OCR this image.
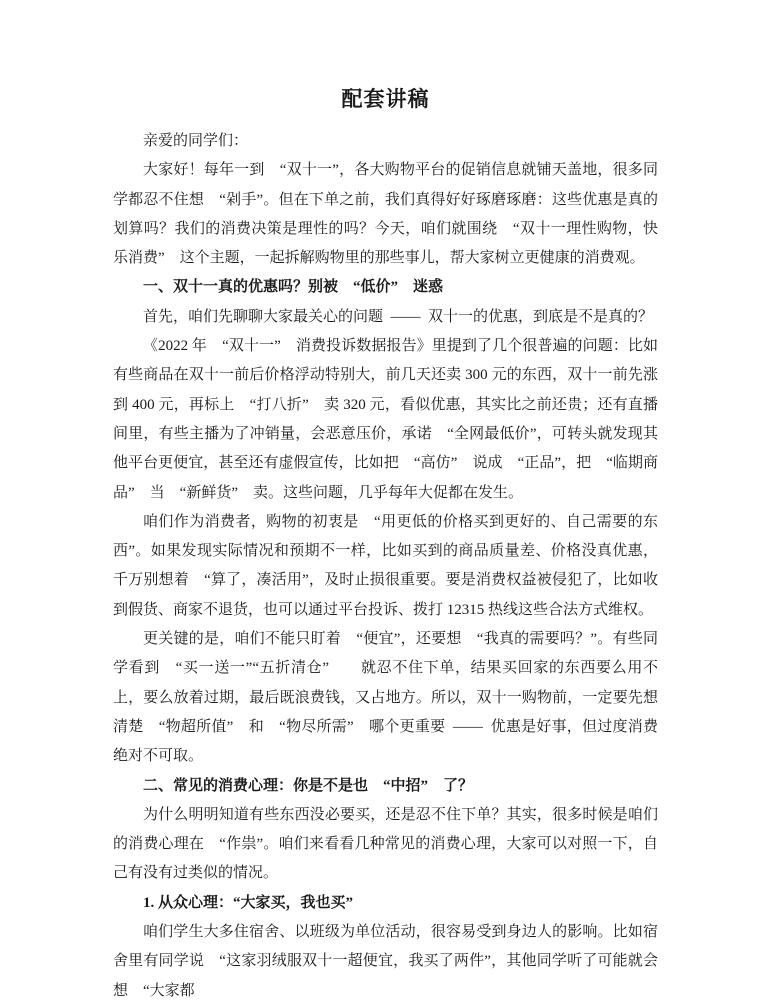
配套讲稿

亲爱的同学们：

大家好！每年一到　“双十一”，各大购物平台的促销信息就铺天盖地，很多同学都忍不住想　“剁手”。但在下单之前，我们真得好好琢磨琢磨：这些优惠是真的划算吗？我们的消费决策是理性的吗？今天，咱们就围绕　“双十一理性购物，快乐消费”　这个主题，一起拆解购物里的那些事儿，帮大家树立更健康的消费观。

一、双十一真的优惠吗？别被　“低价”　迷惑

首先，咱们先聊聊大家最关心的问题 —— 双十一的优惠，到底是不是真的？

《2022 年　“双十一”　消费投诉数据报告》里提到了几个很普遍的问题：比如有些商品在双十一前后价格浮动特别大，前几天还卖 300 元的东西，双十一前先涨到 400 元，再标上　“打八折”　卖 320 元，看似优惠，其实比之前还贵；还有直播间里，有些主播为了冲销量，会恶意压价，承诺　“全网最低价”，可转头就发现其他平台更便宜，甚至还有虚假宣传，比如把　“高仿”　说成　“正品”，把　“临期商品”　当　“新鲜货”　卖。这些问题，几乎每年大促都在发生。

咱们作为消费者，购物的初衷是　“用更低的价格买到更好的、自己需要的东西”。如果发现实际情况和预期不一样，比如买到的商品质量差、价格没真优惠，千万别想着　“算了，凑活用”，及时止损很重要。要是消费权益被侵犯了，比如收到假货、商家不退货，也可以通过平台投诉、拨打 12315 热线这些合法方式维权。

更关键的是，咱们不能只盯着　“便宜”，还要想　“我真的需要吗？”。有些同学看到　“买一送一”“五折清仓”　　就忍不住下单，结果买回家的东西要么用不上，要么放着过期，最后既浪费钱，又占地方。所以，双十一购物前，一定要先想清楚　“物超所值”　和　“物尽所需”　哪个更重要 —— 优惠是好事，但过度消费绝对不可取。

二、常见的消费心理：你是不是也　“中招”　了？

为什么明明知道有些东西没必要买，还是忍不住下单？其实，很多时候是咱们的消费心理在　“作祟”。咱们来看看几种常见的消费心理，大家可以对照一下，自己有没有过类似的情况。

1. 从众心理：“大家买，我也买”

咱们学生大多住宿舍、以班级为单位活动，很容易受到身边人的影响。比如宿舍里有同学说　“这家羽绒服双十一超便宜，我买了两件”，其他同学听了可能就会想　“大家都
